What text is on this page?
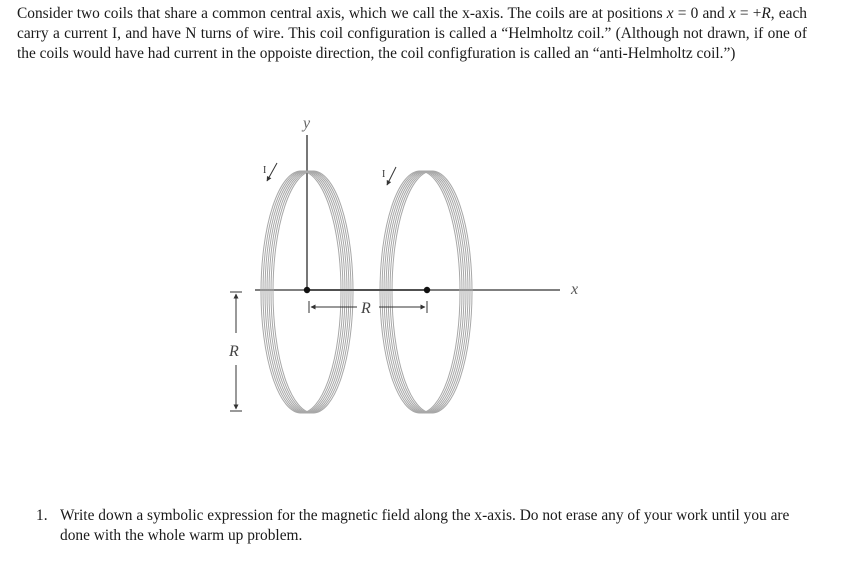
Consider two coils that share a common central axis, which we call the x-axis. The coils are at positions x = 0 and x = +R, each carry a current I, and have N turns of wire. This coil configuration is called a “Helmholtz coil.” (Although not drawn, if one of the coils would have had current in the oppoiste direction, the coil configfuration is called an “anti-Helmholtz coil.”)

y
x
R
R
I	I
1. Write down a symbolic expression for the magnetic field along the x-axis. Do not erase any of your work until you are done with the whole warm up problem.
